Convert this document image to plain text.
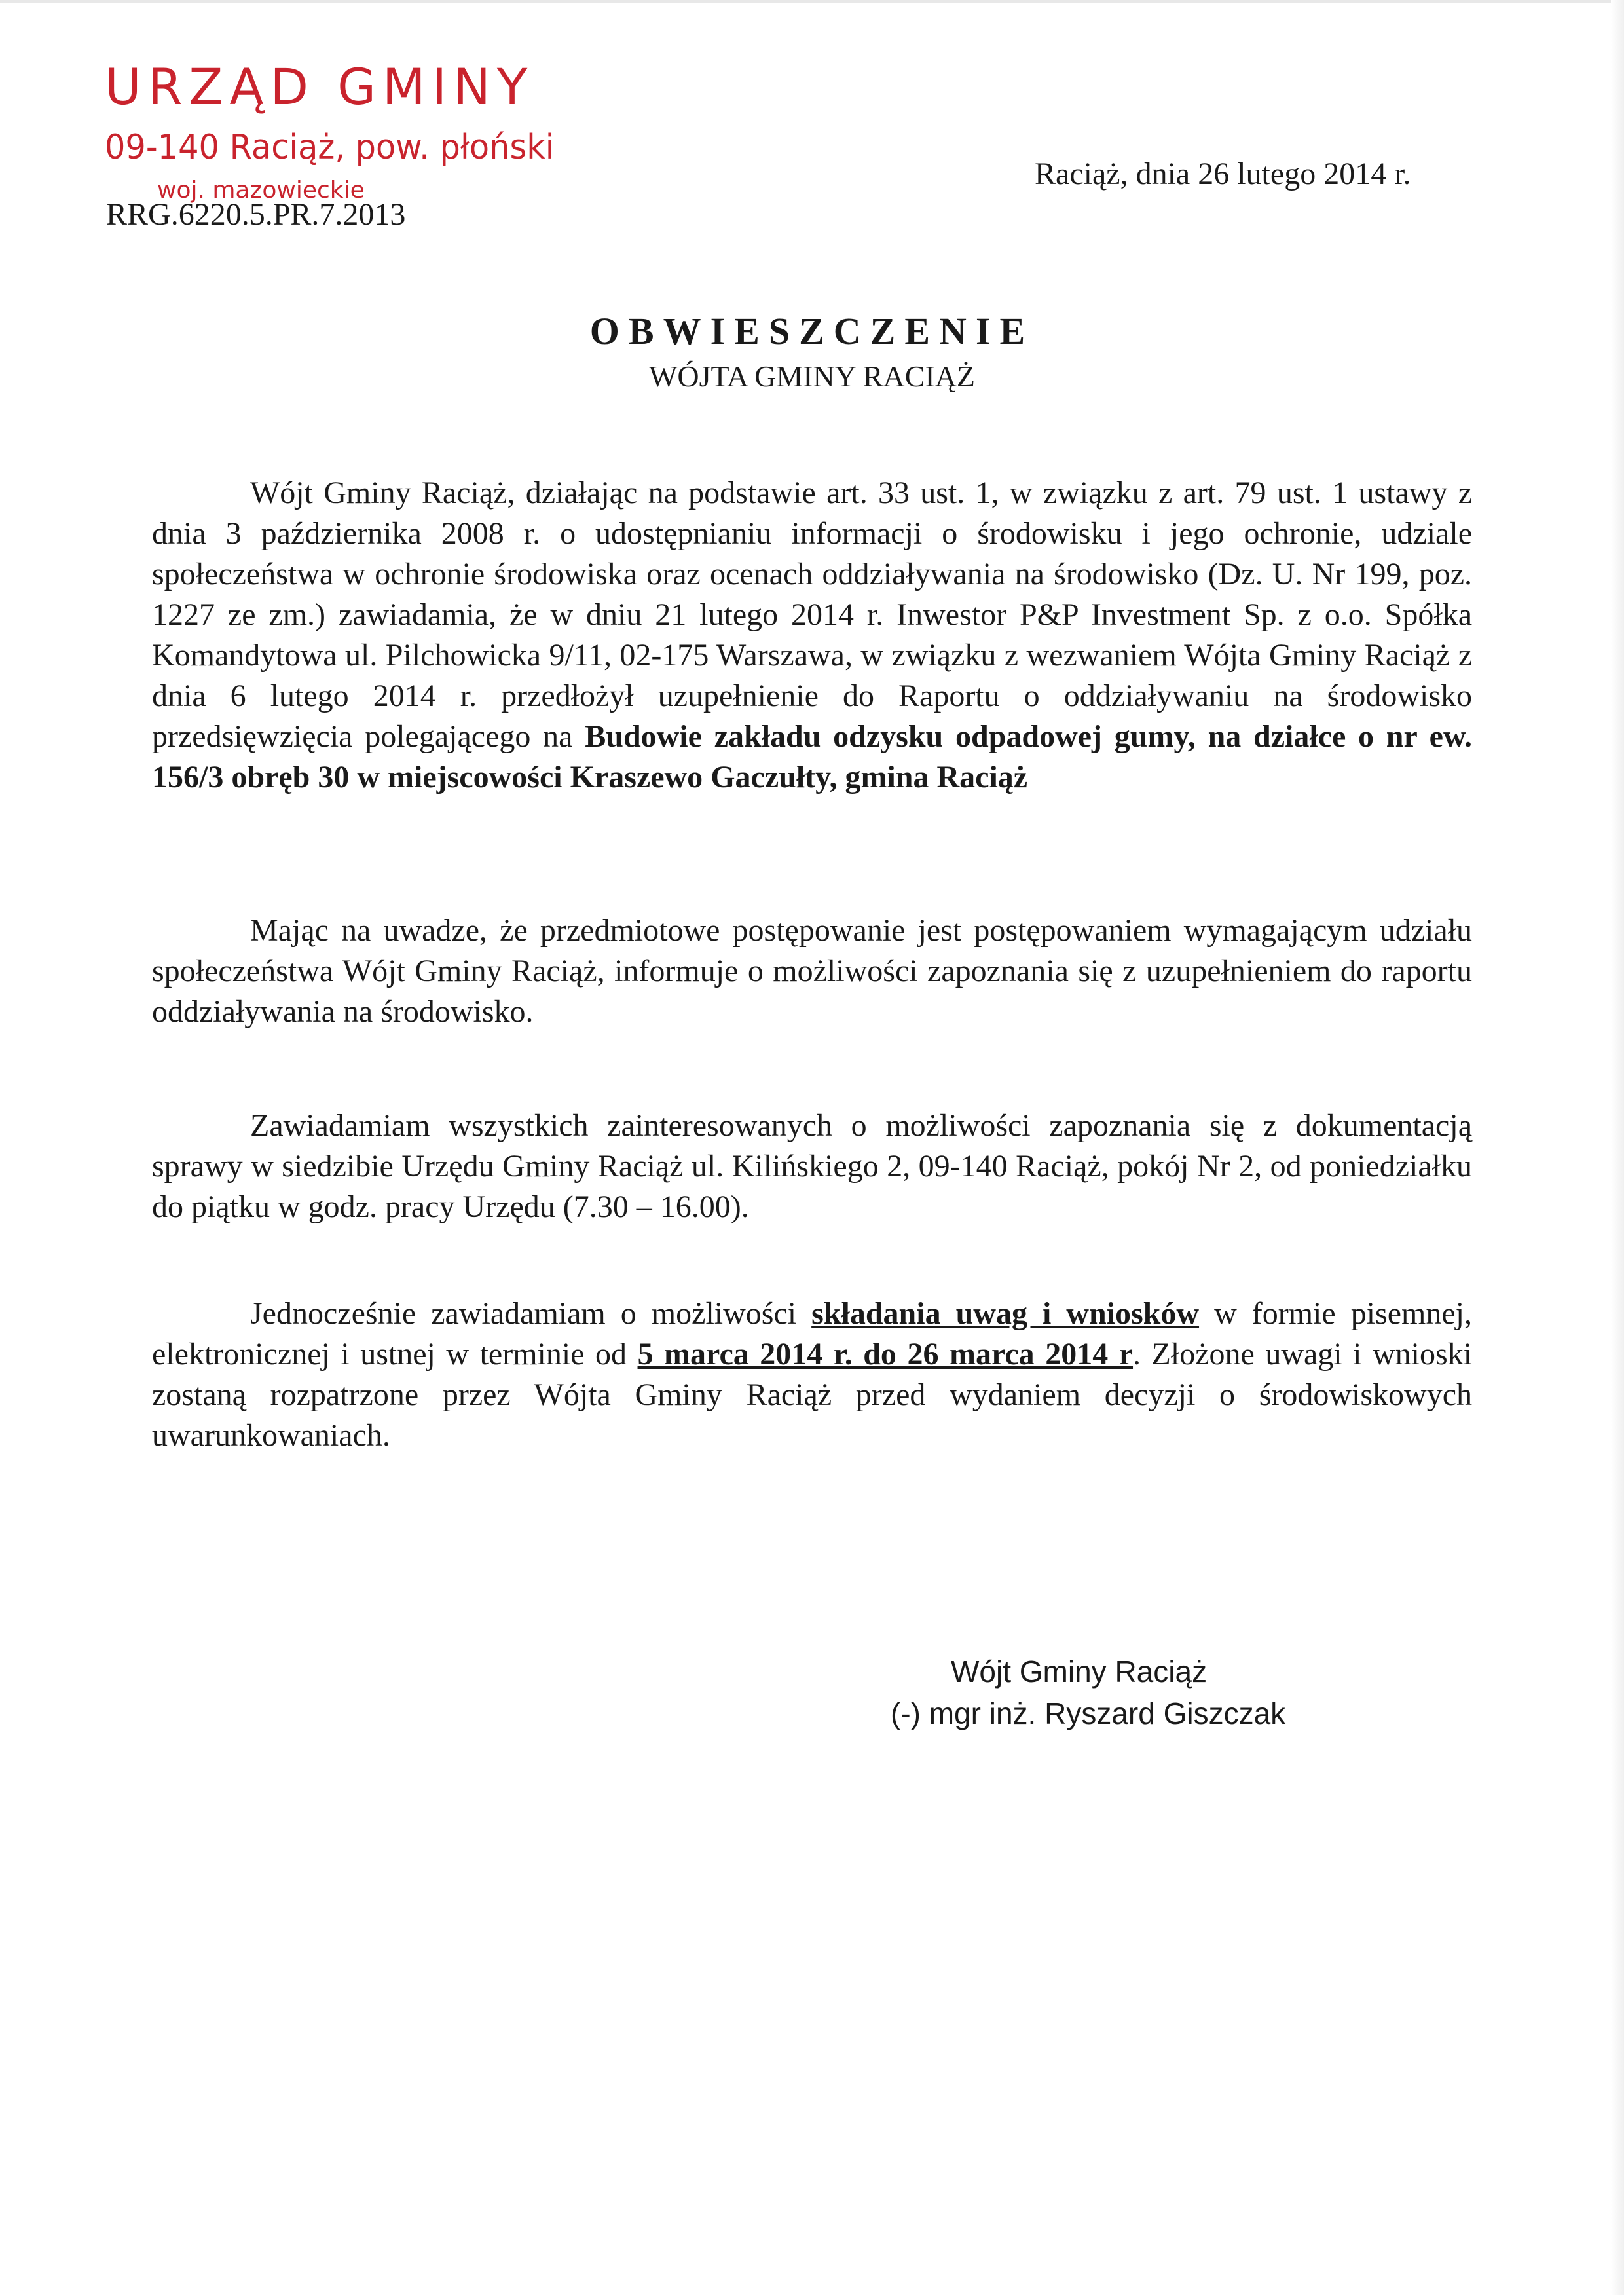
URZĄD GMINY
09-140 Raciąż, pow. płoński
woj. mazowieckie
RRG.6220.5.PR.7.2013
Raciąż, dnia 26 lutego 2014 r.
OBWIESZCZENIE
WÓJTA GMINY RACIĄŻ
Wójt Gminy Raciąż, działając na podstawie art. 33 ust. 1, w związku z art. 79 ust. 1 ustawy z dnia 3 października 2008 r. o udostępnianiu informacji o środowisku i jego ochronie, udziale społeczeństwa w ochronie środowiska oraz ocenach oddziaływania na środowisko (Dz. U. Nr 199, poz. 1227 ze zm.) zawiadamia, że w dniu 21 lutego 2014 r. Inwestor P&P Investment Sp. z o.o. Spółka Komandytowa ul. Pilchowicka 9/11, 02-175 Warszawa, w związku z wezwaniem Wójta Gminy Raciąż z dnia 6 lutego 2014 r. przedłożył uzupełnienie do Raportu o oddziaływaniu na środowisko przedsięwzięcia polegającego na Budowie zakładu odzysku odpadowej gumy, na działce o nr ew. 156/3 obręb 30 w miejscowości Kraszewo Gaczułty, gmina Raciąż
Mając na uwadze, że przedmiotowe postępowanie jest postępowaniem wymagającym udziału społeczeństwa Wójt Gminy Raciąż, informuje o możliwości zapoznania się z uzupełnieniem do raportu oddziaływania na środowisko.
Zawiadamiam wszystkich zainteresowanych o możliwości zapoznania się z dokumentacją sprawy w siedzibie Urzędu Gminy Raciąż ul. Kilińskiego 2, 09-140 Raciąż, pokój Nr 2, od poniedziałku do piątku w godz. pracy Urzędu (7.30 – 16.00).
Jednocześnie zawiadamiam o możliwości składania uwag i wniosków w formie pisemnej, elektronicznej i ustnej w terminie od 5 marca 2014 r. do 26 marca 2014 r. Złożone uwagi i wnioski zostaną rozpatrzone przez Wójta Gminy Raciąż przed wydaniem decyzji o środowiskowych uwarunkowaniach.
Wójt Gminy Raciąż
(-) mgr inż. Ryszard Giszczak
